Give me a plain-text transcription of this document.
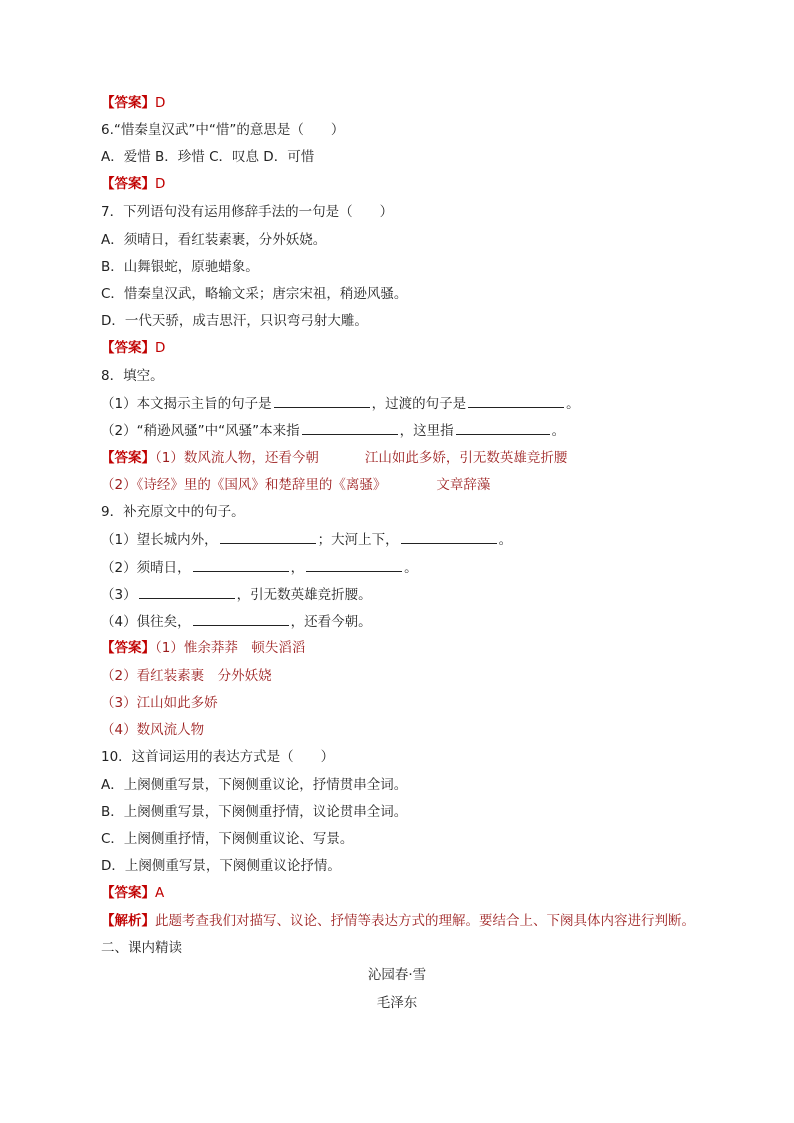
【答案】D
6.“惜秦皇汉武”中“惜”的意思是（　　）
A．爱惜 B．珍惜 C．叹息 D．可惜
【答案】D
7．下列语句没有运用修辞手法的一句是（　　）
A．须晴日，看红装素裹，分外妖娆。
B．山舞银蛇，原驰蜡象。
C．惜秦皇汉武，略输文采；唐宗宋祖，稍逊风骚。
D．一代天骄，成吉思汗，只识弯弓射大雕。
【答案】D
8．填空。
（1）本文揭示主旨的句子是	，过渡的句子是	。
（2）“稍逊风骚”中“风骚”本来指	，这里指	。
【答案】（1）数风流人物，还看今朝	江山如此多娇，引无数英雄竞折腰
（2）《诗经》里的《国风》和楚辞里的《离骚》	文章辞藻
9．补充原文中的句子。
（1）望长城内外，	；大河上下，	。
（2）须晴日，	，	。
（3）	，引无数英雄竞折腰。
（4）俱往矣，	，还看今朝。
【答案】（1）惟余莽莽　顿失滔滔
（2）看红装素裹　分外妖娆
（3）江山如此多娇
（4）数风流人物
10．这首词运用的表达方式是（　　）
A．上阕侧重写景，下阕侧重议论，抒情贯串全词。
B．上阕侧重写景，下阕侧重抒情，议论贯串全词。
C．上阕侧重抒情，下阕侧重议论、写景。
D．上阕侧重写景，下阕侧重议论抒情。
【答案】A
【解析】此题考查我们对描写、议论、抒情等表达方式的理解。要结合上、下阕具体内容进行判断。
二、课内精读
沁园春·雪
毛泽东
